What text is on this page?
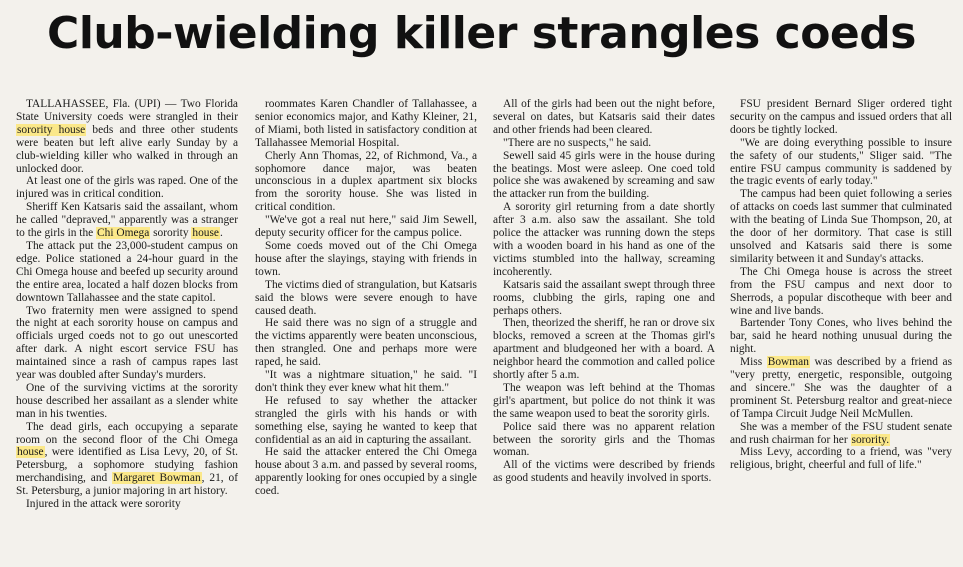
Club-wielding killer strangles coeds

TALLAHASSEE, Fla. (UPI) — Two Florida State University coeds were strangled in their sorority house beds and three other students were beaten but left alive early Sunday by a club-wielding killer who walked in through an unlocked door.

At least one of the girls was raped. One of the injured was in critical condition.

Sheriff Ken Katsaris said the assailant, whom he called "depraved," apparently was a stranger to the girls in the Chi Omega sorority house.

The attack put the 23,000-student campus on edge. Police stationed a 24-hour guard in the Chi Omega house and beefed up security around the entire area, located a half dozen blocks from downtown Tallahassee and the state capitol.

Two fraternity men were assigned to spend the night at each sorority house on campus and officials urged coeds not to go out unescorted after dark. A night escort service FSU has maintained since a rash of campus rapes last year was doubled after Sunday's murders.

One of the surviving victims at the sorority house described her assailant as a slender white man in his twenties.

The dead girls, each occupying a separate room on the second floor of the Chi Omega house, were identified as Lisa Levy, 20, of St. Petersburg, a sophomore studying fashion merchandising, and Margaret Bowman, 21, of St. Petersburg, a junior majoring in art history.

Injured in the attack were sorority

roommates Karen Chandler of Tallahassee, a senior economics major, and Kathy Kleiner, 21, of Miami, both listed in satisfactory condition at Tallahassee Memorial Hospital.

Cherly Ann Thomas, 22, of Richmond, Va., a sophomore dance major, was beaten unconscious in a duplex apartment six blocks from the sorority house. She was listed in critical condition.

"We've got a real nut here," said Jim Sewell, deputy security officer for the campus police.

Some coeds moved out of the Chi Omega house after the slayings, staying with friends in town.

The victims died of strangulation, but Katsaris said the blows were severe enough to have caused death.

He said there was no sign of a struggle and the victims apparently were beaten unconscious, then strangled. One and perhaps more were raped, he said.

"It was a nightmare situation," he said. "I don't think they ever knew what hit them."

He refused to say whether the attacker strangled the girls with his hands or with something else, saying he wanted to keep that confidential as an aid in capturing the assailant.

He said the attacker entered the Chi Omega house about 3 a.m. and passed by several rooms, apparently looking for ones occupied by a single coed.

All of the girls had been out the night before, several on dates, but Katsaris said their dates and other friends had been cleared.

"There are no suspects," he said.

Sewell said 45 girls were in the house during the beatings. Most were asleep. One coed told police she was awakened by screaming and saw the attacker run from the building.

A sorority girl returning from a date shortly after 3 a.m. also saw the assailant. She told police the attacker was running down the steps with a wooden board in his hand as one of the victims stumbled into the hallway, screaming incoherently.

Katsaris said the assailant swept through three rooms, clubbing the girls, raping one and perhaps others.

Then, theorized the sheriff, he ran or drove six blocks, removed a screen at the Thomas girl's apartment and bludgeoned her with a board. A neighbor heard the commotion and called police shortly after 5 a.m.

The weapon was left behind at the Thomas girl's apartment, but police do not think it was the same weapon used to beat the sorority girls.

Police said there was no apparent relation between the sorority girls and the Thomas woman.

All of the victims were described by friends as good students and heavily involved in sports.

FSU president Bernard Sliger ordered tight security on the campus and issued orders that all doors be tightly locked.

"We are doing everything possible to insure the safety of our students," Sliger said. "The entire FSU campus community is saddened by the tragic events of early today."

The campus had been quiet following a series of attacks on coeds last summer that culminated with the beating of Linda Sue Thompson, 20, at the door of her dormitory. That case is still unsolved and Katsaris said there is some similarity between it and Sunday's attacks.

The Chi Omega house is across the street from the FSU campus and next door to Sherrods, a popular discotheque with beer and wine and live bands.

Bartender Tony Cones, who lives behind the bar, said he heard nothing unusual during the night.

Miss Bowman was described by a friend as "very pretty, energetic, responsible, outgoing and sincere." She was the daughter of a prominent St. Petersburg realtor and great-niece of Tampa Circuit Judge Neil McMullen.

She was a member of the FSU student senate and rush chairman for her sorority.

Miss Levy, according to a friend, was "very religious, bright, cheerful and full of life."
